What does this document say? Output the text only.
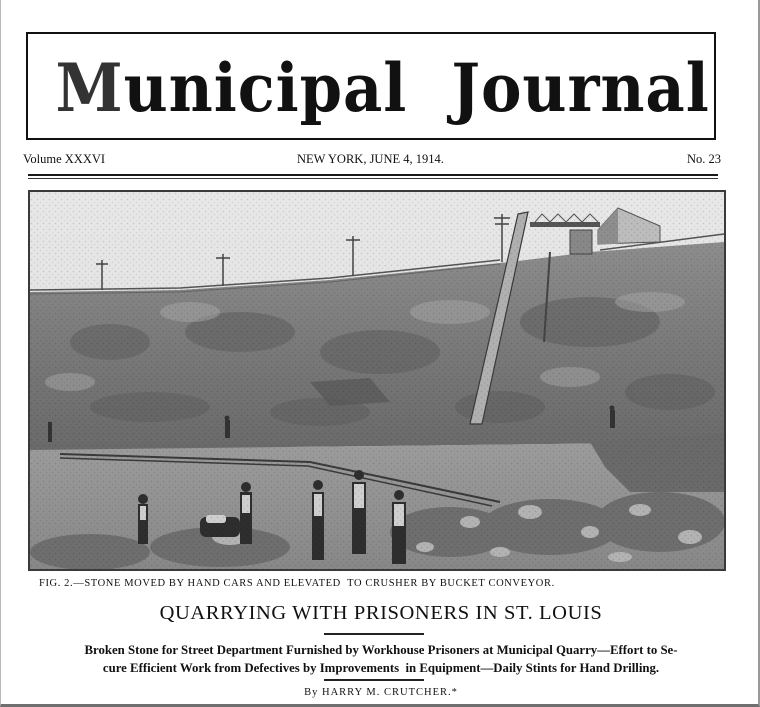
Municipal  Journal
Volume XXXVI	NEW YORK, JUNE 4, 1914.	No. 23
FIG. 2.—STONE MOVED BY HAND CARS AND ELEVATED  TO CRUSHER BY BUCKET CONVEYOR.
QUARRYING WITH PRISONERS IN ST. LOUIS
Broken Stone for Street Department Furnished by Workhouse Prisoners at Municipal Quarry—Effort to Se-
cure Efficient Work from Defectives by Improvements  in Equipment—Daily Stints for Hand Drilling.
By HARRY M. CRUTCHER.*
